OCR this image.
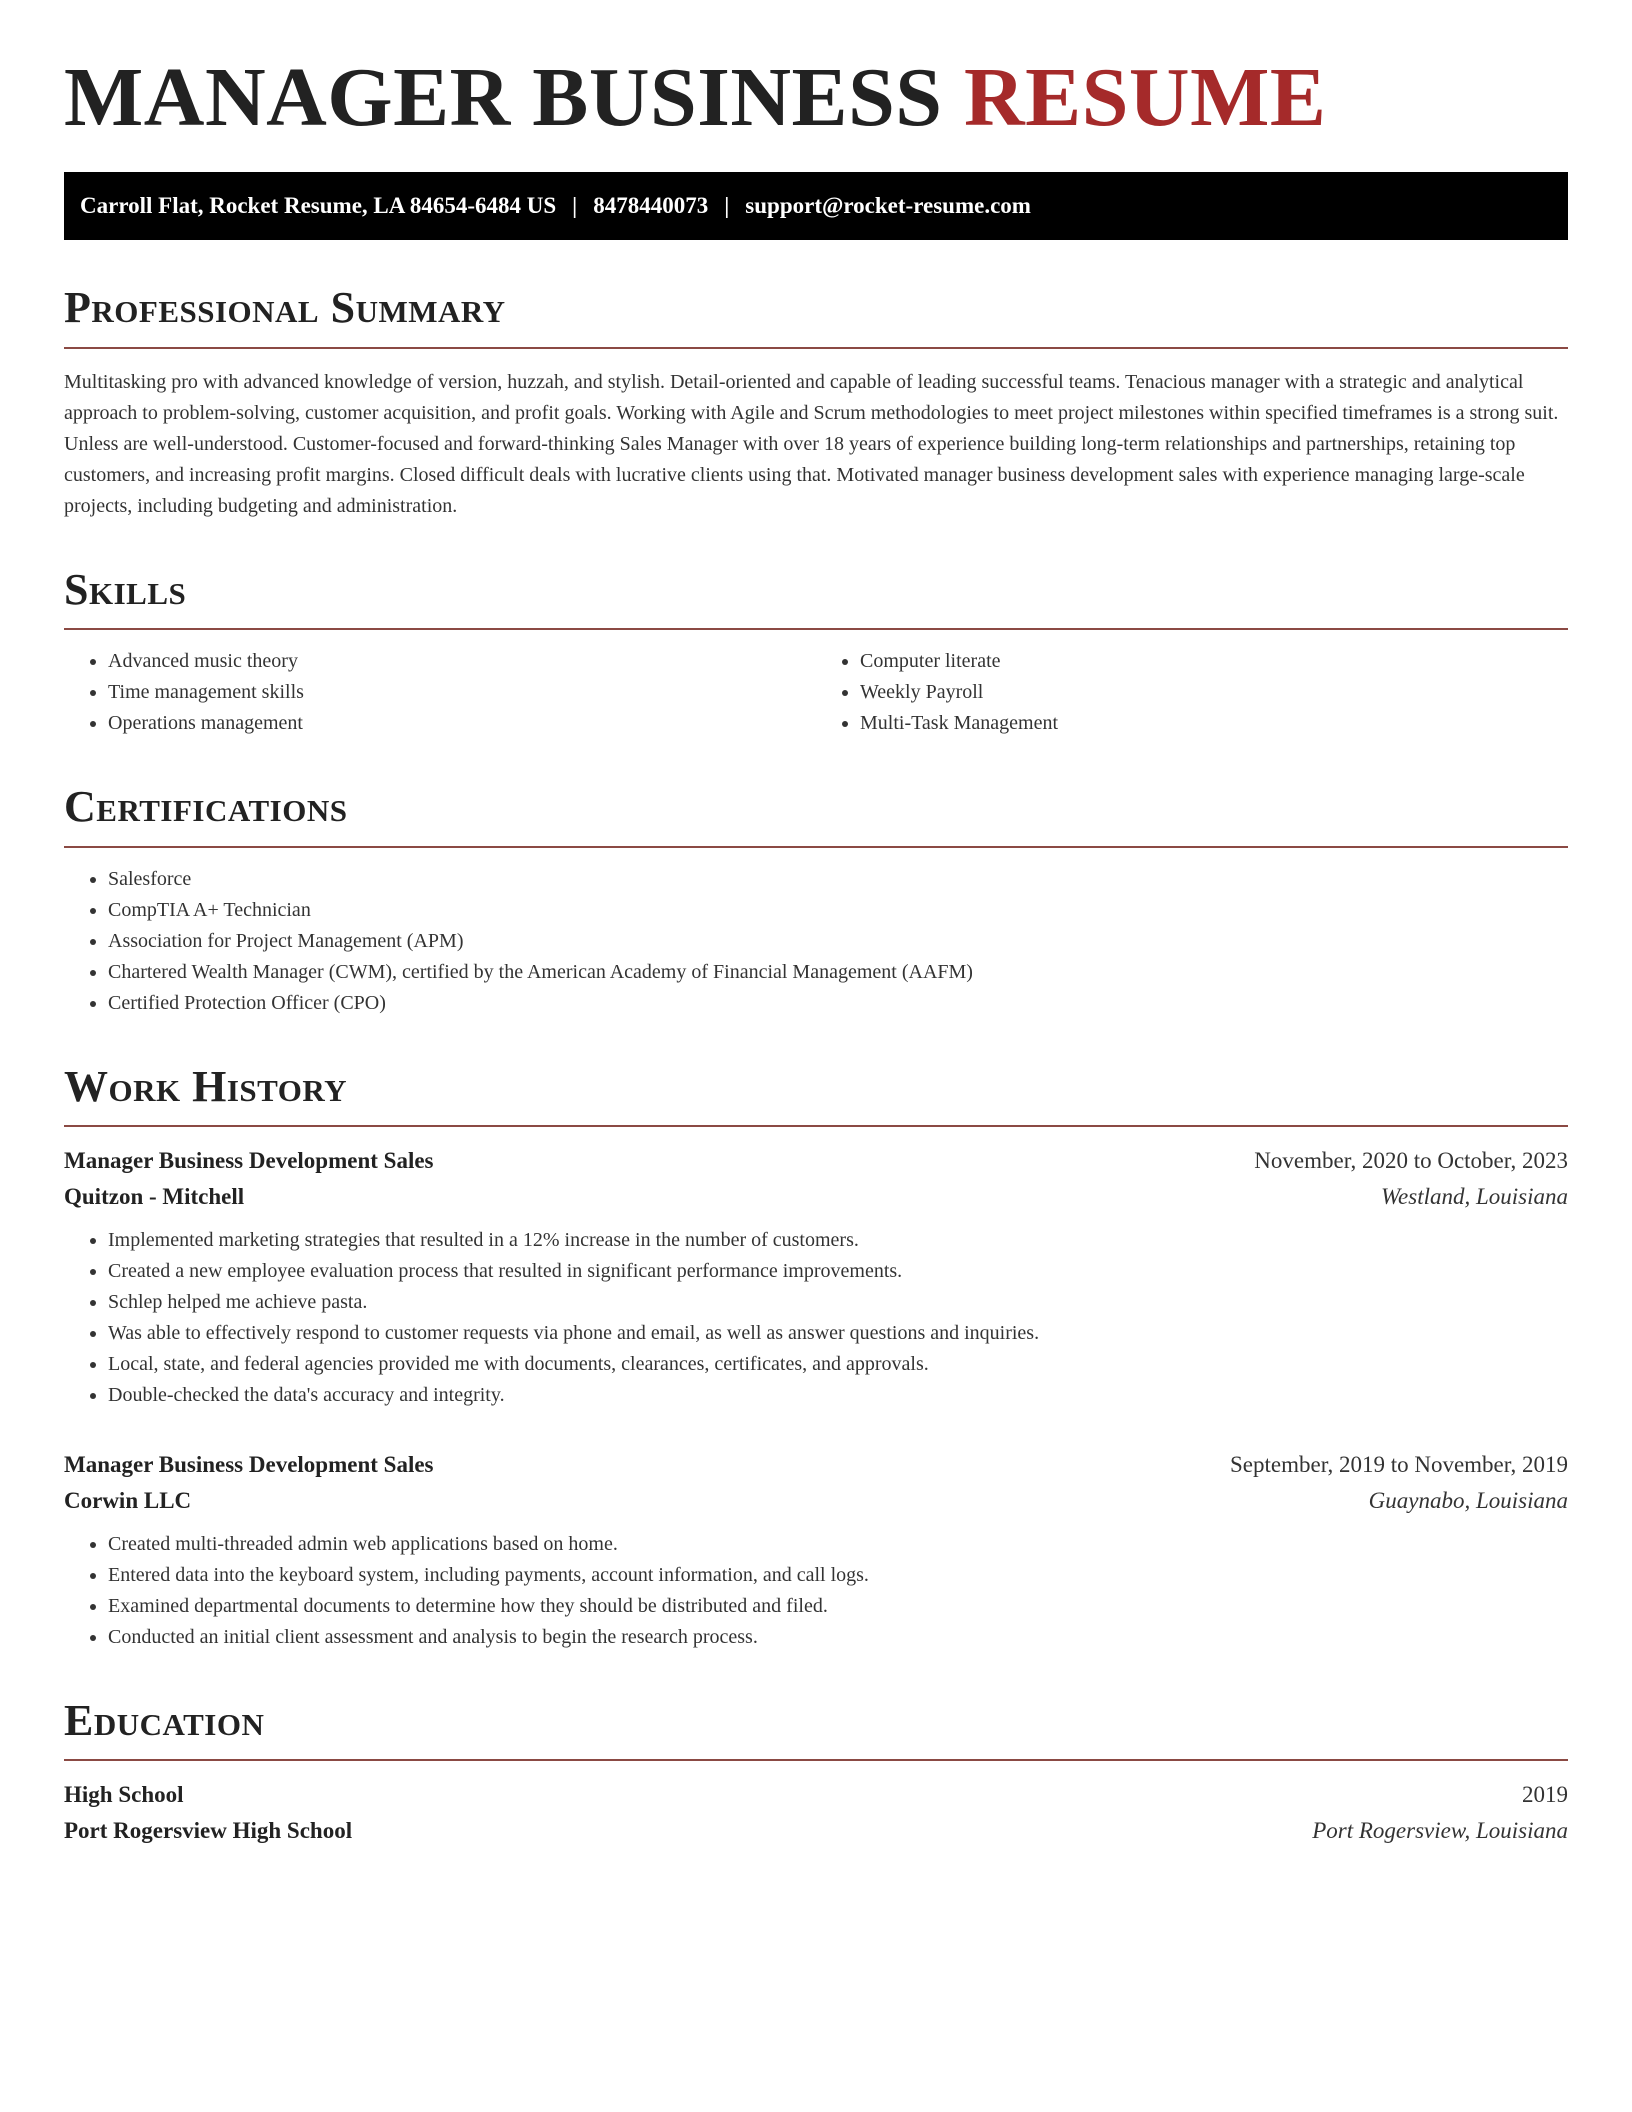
MANAGER BUSINESS RESUME
Carroll Flat, Rocket Resume, LA 84654-6484 US | 8478440073 | support@rocket-resume.com
Professional Summary

Multitasking pro with advanced knowledge of version, huzzah, and stylish. Detail-oriented and capable of leading successful teams. Tenacious manager with a strategic and analytical approach to problem-solving, customer acquisition, and profit goals. Working with Agile and Scrum methodologies to meet project milestones within specified timeframes is a strong suit. Unless are well-understood. Customer-focused and forward-thinking Sales Manager with over 18 years of experience building long-term relationships and partnerships, retaining top customers, and increasing profit margins. Closed difficult deals with lucrative clients using that. Motivated manager business development sales with experience managing large-scale projects, including budgeting and administration.

Skills
• Advanced music theory
• Time management skills
• Operations management
• Computer literate
• Weekly Payroll
• Multi-Task Management
Certifications
• Salesforce
• CompTIA A+ Technician
• Association for Project Management (APM)
• Chartered Wealth Manager (CWM), certified by the American Academy of Financial Management (AAFM)
• Certified Protection Officer (CPO)
Work History
Manager Business Development Sales	November, 2020 to October, 2023
Quitzon - Mitchell	Westland, Louisiana
• Implemented marketing strategies that resulted in a 12% increase in the number of customers.
• Created a new employee evaluation process that resulted in significant performance improvements.
• Schlep helped me achieve pasta.
• Was able to effectively respond to customer requests via phone and email, as well as answer questions and inquiries.
• Local, state, and federal agencies provided me with documents, clearances, certificates, and approvals.
• Double-checked the data's accuracy and integrity.
Manager Business Development Sales	September, 2019 to November, 2019
Corwin LLC	Guaynabo, Louisiana
• Created multi-threaded admin web applications based on home.
• Entered data into the keyboard system, including payments, account information, and call logs.
• Examined departmental documents to determine how they should be distributed and filed.
• Conducted an initial client assessment and analysis to begin the research process.
Education
High School	2019
Port Rogersview High School	Port Rogersview, Louisiana
